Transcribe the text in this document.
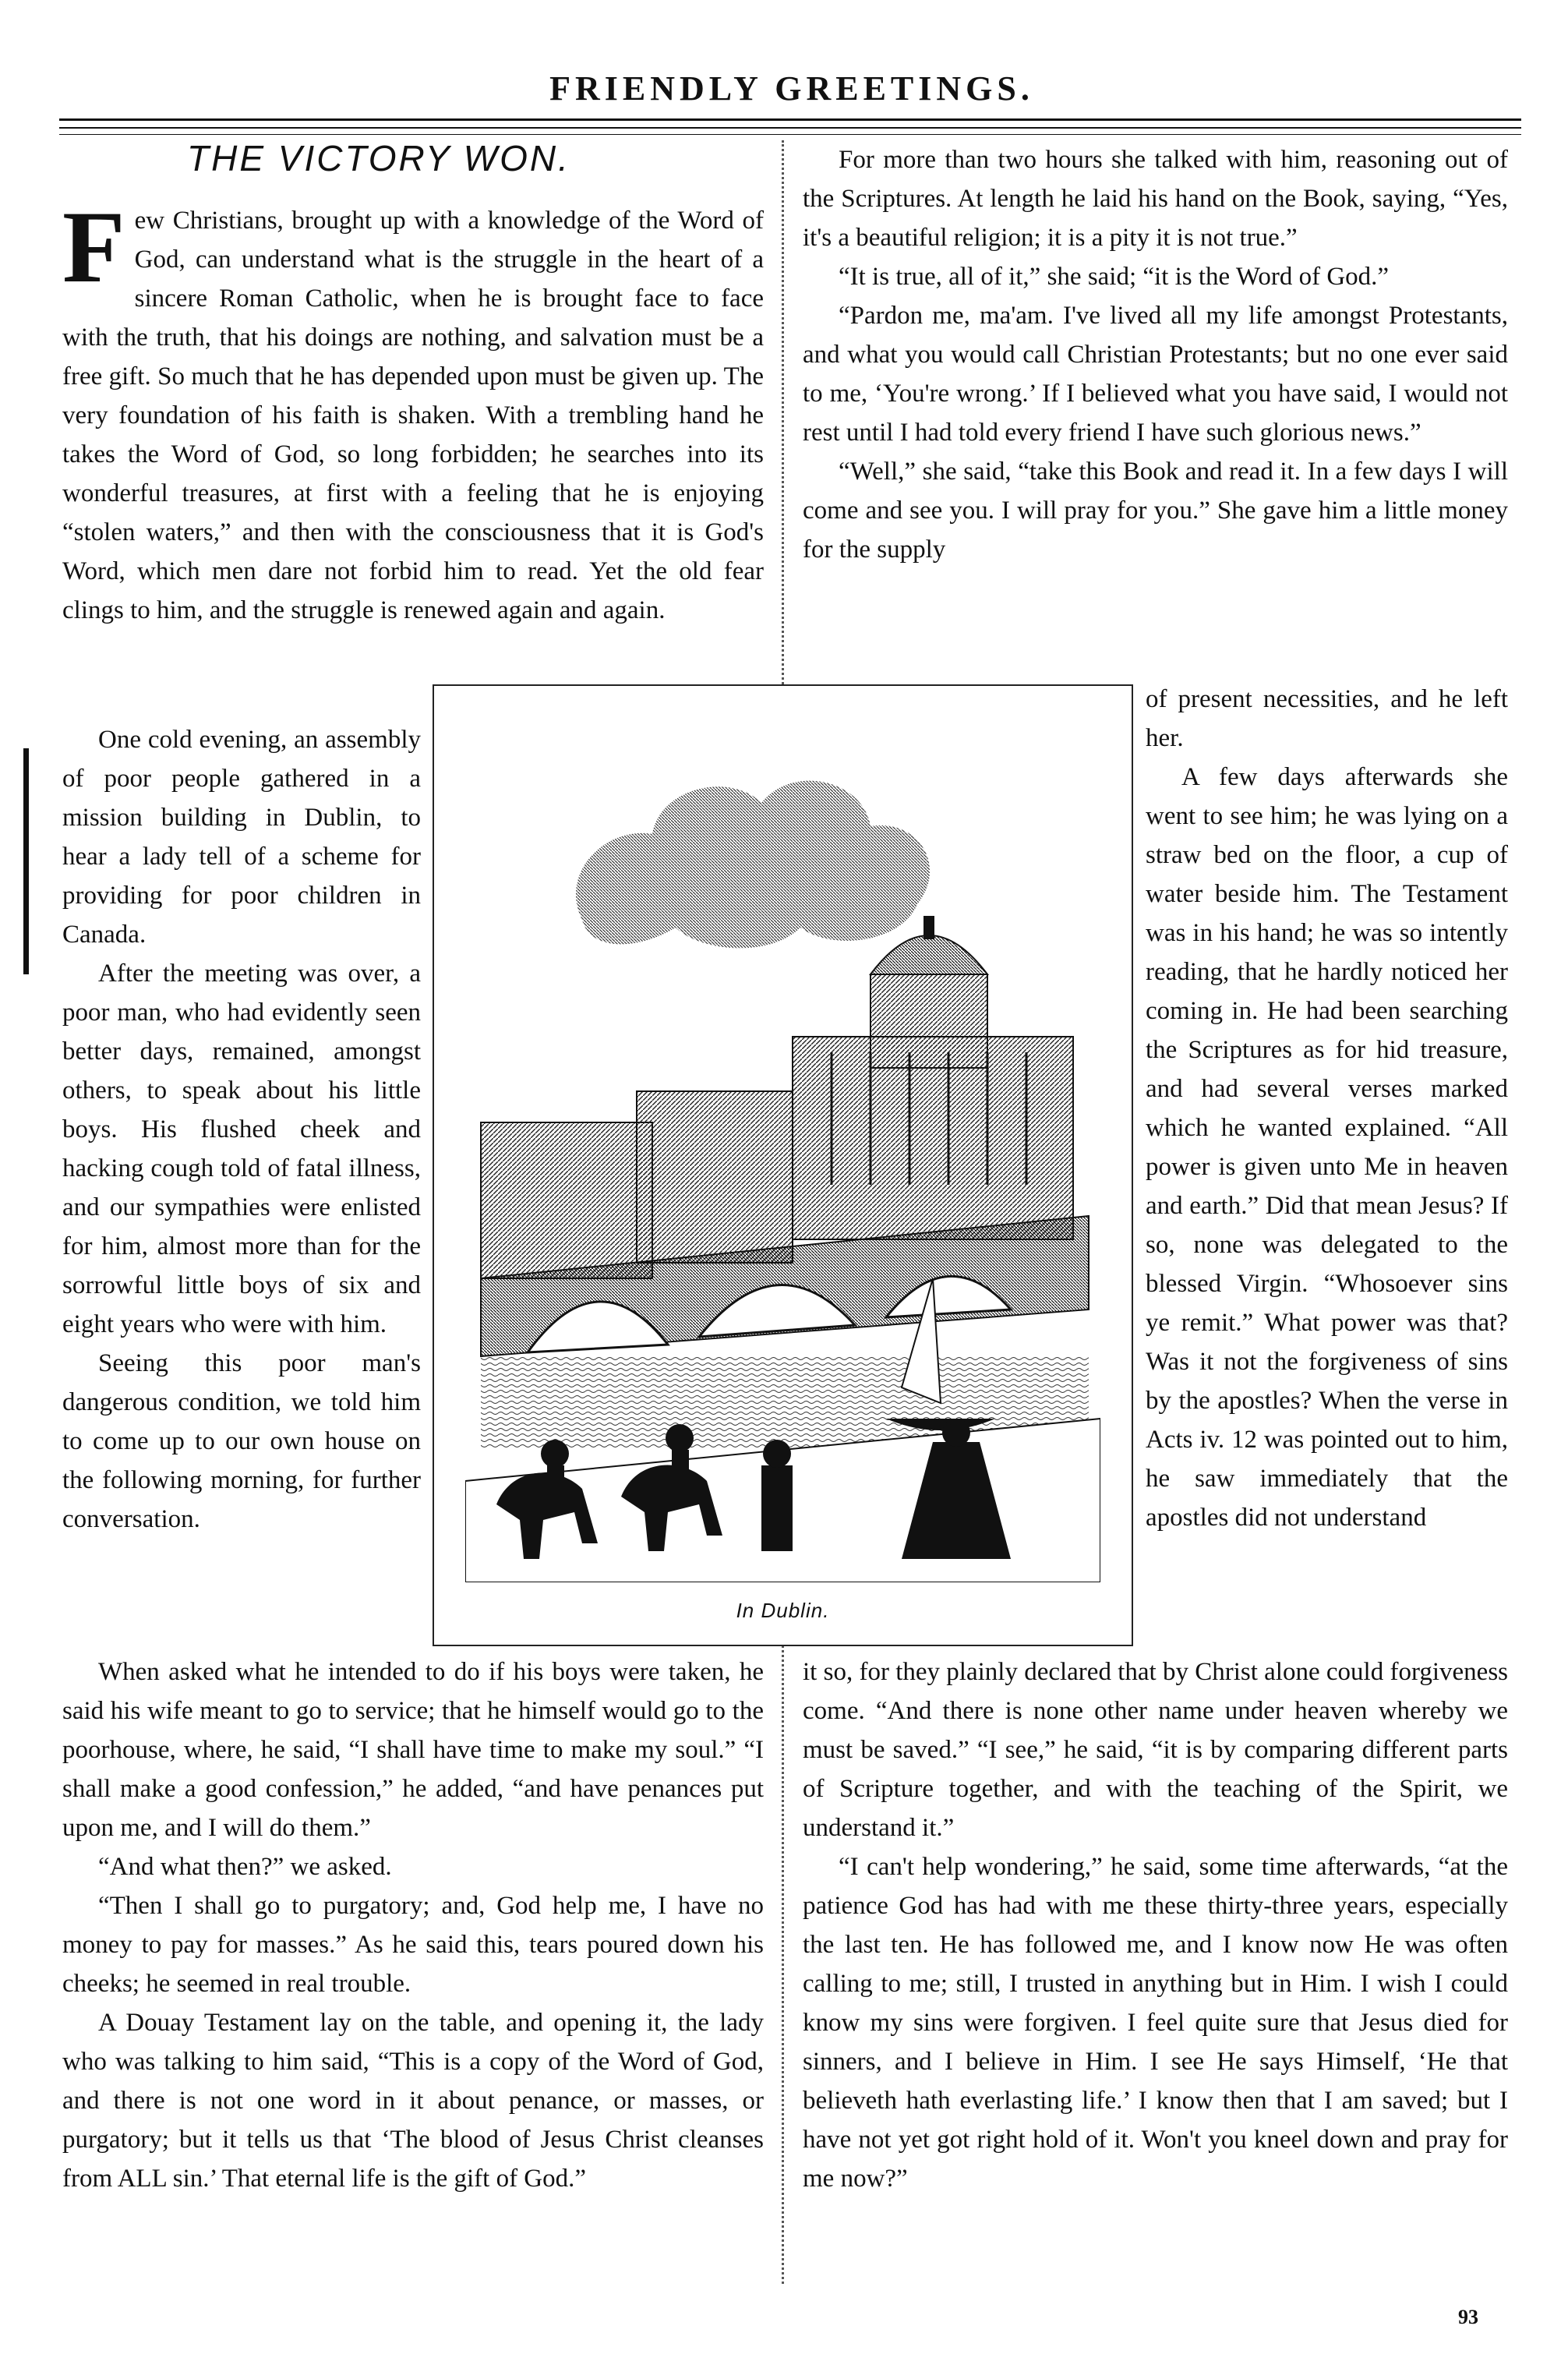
FRIENDLY GREETINGS.
THE VICTORY WON.

Few Christians, brought up with a knowledge of the Word of God, can understand what is the struggle in the heart of a sincere Roman Catholic, when he is brought face to face with the truth, that his doings are nothing, and salvation must be a free gift. So much that he has depended upon must be given up. The very foundation of his faith is shaken. With a trembling hand he takes the Word of God, so long forbidden; he searches into its wonderful treasures, at first with a feeling that he is enjoying “stolen waters,” and then with the consciousness that it is God's Word, which men dare not forbid him to read. Yet the old fear clings to him, and the struggle is renewed again and again.

One cold evening, an assembly of poor people gathered in a mission building in Dublin, to hear a lady tell of a scheme for providing for poor children in Canada.

After the meeting was over, a poor man, who had evidently seen better days, remained, amongst others, to speak about his little boys. His flushed cheek and hacking cough told of fatal illness, and our sympathies were enlisted for him, almost more than for the sorrowful little boys of six and eight years who were with him.

Seeing this poor man's dangerous condition, we told him to come up to our own house on the following morning, for further conversation.

In Dublin.

When asked what he intended to do if his boys were taken, he said his wife meant to go to service; that he himself would go to the poorhouse, where, he said, “I shall have time to make my soul.” “I shall make a good confession,” he added, “and have penances put upon me, and I will do them.”

“And what then?” we asked.

“Then I shall go to purgatory; and, God help me, I have no money to pay for masses.” As he said this, tears poured down his cheeks; he seemed in real trouble.

A Douay Testament lay on the table, and opening it, the lady who was talking to him said, “This is a copy of the Word of God, and there is not one word in it about penance, or masses, or purgatory; but it tells us that ‘The blood of Jesus Christ cleanses from ALL sin.’ That eternal life is the gift of God.”

For more than two hours she talked with him, reasoning out of the Scriptures. At length he laid his hand on the Book, saying, “Yes, it's a beautiful religion; it is a pity it is not true.”

“It is true, all of it,” she said; “it is the Word of God.”

“Pardon me, ma'am. I've lived all my life amongst Protestants, and what you would call Christian Protestants; but no one ever said to me, ‘You're wrong.’ If I believed what you have said, I would not rest until I had told every friend I have such glorious news.”

“Well,” she said, “take this Book and read it. In a few days I will come and see you. I will pray for you.” She gave him a little money for the supply

of present necessities, and he left her.

A few days afterwards she went to see him; he was lying on a straw bed on the floor, a cup of water beside him. The Testament was in his hand; he was so intently reading, that he hardly noticed her coming in. He had been searching the Scriptures as for hid treasure, and had several verses marked which he wanted explained. “All power is given unto Me in heaven and earth.” Did that mean Jesus? If so, none was delegated to the blessed Virgin. “Whosoever sins ye remit.” What power was that? Was it not the forgiveness of sins by the apostles? When the verse in Acts iv. 12 was pointed out to him, he saw immediately that the apostles did not understand

it so, for they plainly declared that by Christ alone could forgiveness come. “And there is none other name under heaven whereby we must be saved.” “I see,” he said, “it is by comparing different parts of Scripture together, and with the teaching of the Spirit, we understand it.”

“I can't help wondering,” he said, some time afterwards, “at the patience God has had with me these thirty-three years, especially the last ten. He has followed me, and I know now He was often calling to me; still, I trusted in anything but in Him. I wish I could know my sins were forgiven. I feel quite sure that Jesus died for sinners, and I believe in Him. I see He says Himself, ‘He that believeth hath everlasting life.’ I know then that I am saved; but I have not yet got right hold of it. Won't you kneel down and pray for me now?”

93
